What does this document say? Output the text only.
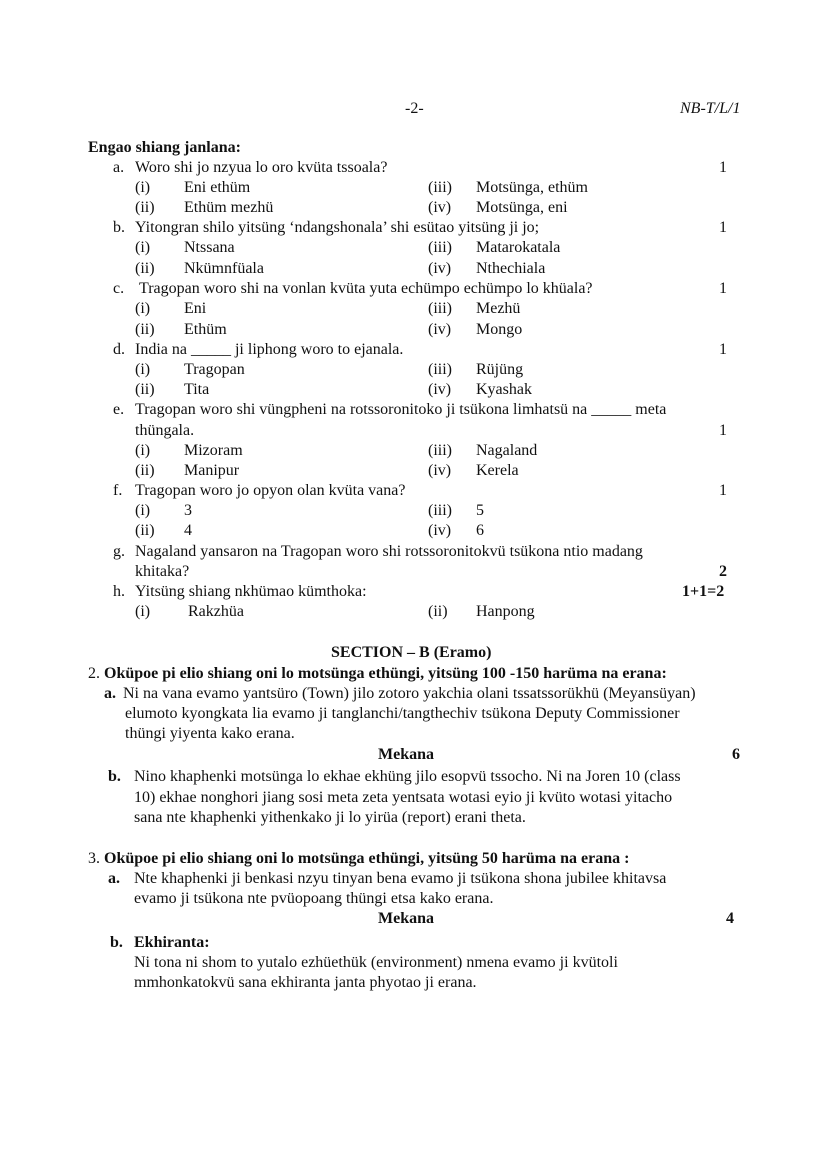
-2-	NB-T/L/1
Engao shiang janlana:
a. Woro shi jo nzyua lo oro kvüta tssoala?	1
(i) Eni ethüm	(iii) Motsünga, ethüm
(ii) Ethüm mezhü	(iv) Motsünga, eni
b. Yitongran shilo yitsüng ‘ndangshonala’ shi esütao yitsüng ji jo;	1
(i) Ntssana	(iii) Matarokatala
(ii) Nkümnfüala	(iv) Nthechiala
c. Tragopan woro shi na vonlan kvüta yuta echümpo echümpo lo khüala?	1
(i) Eni	(iii) Mezhü
(ii) Ethüm	(iv) Mongo
d. India na _____ ji liphong woro to ejanala.	1
(i) Tragopan	(iii) Rüjüng
(ii) Tita	(iv) Kyashak
e. Tragopan woro shi vüngpheni na rotssoronitoko ji tsükona limhatsü na _____ meta
thüngala.	1
(i) Mizoram	(iii) Nagaland
(ii) Manipur	(iv) Kerela
f. Tragopan woro jo opyon olan kvüta vana?	1
(i) 3	(iii) 5
(ii) 4	(iv) 6
g. Nagaland yansaron na Tragopan woro shi rotssoronitokvü tsükona ntio madang
khitaka?	2
h. Yitsüng shiang nkhümao kümthoka:	1+1=2
(i) Rakzhüa	(ii) Hanpong
SECTION – B (Eramo)
2. Oküpoe pi elio shiang oni lo motsünga ethüngi, yitsüng 100 -150 harüma na erana:
a. Ni na vana evamo yantsüro (Town) jilo zotoro yakchia olani tssatssorükhü (Meyansüyan)
elumoto kyongkata lia evamo ji tanglanchi/tangthechiv tsükona Deputy Commissioner
thüngi yiyenta kako erana.
Mekana	6
b. Nino khaphenki motsünga lo ekhae ekhüng jilo esopvü tssocho. Ni na Joren 10 (class
10) ekhae nonghori jiang sosi meta zeta yentsata wotasi eyio ji kvüto wotasi yitacho
sana nte khaphenki yithenkako ji lo yirüa (report) erani theta.
3. Oküpoe pi elio shiang oni lo motsünga ethüngi, yitsüng 50 harüma na erana :
a. Nte khaphenki ji benkasi nzyu tinyan bena evamo ji tsükona shona jubilee khitavsa
evamo ji tsükona nte pvüopoang thüngi etsa kako erana.
Mekana	4
b. Ekhiranta:
Ni tona ni shom to yutalo ezhüethük (environment) nmena evamo ji kvütoli
mmhonkatokvü sana ekhiranta janta phyotao ji erana.
